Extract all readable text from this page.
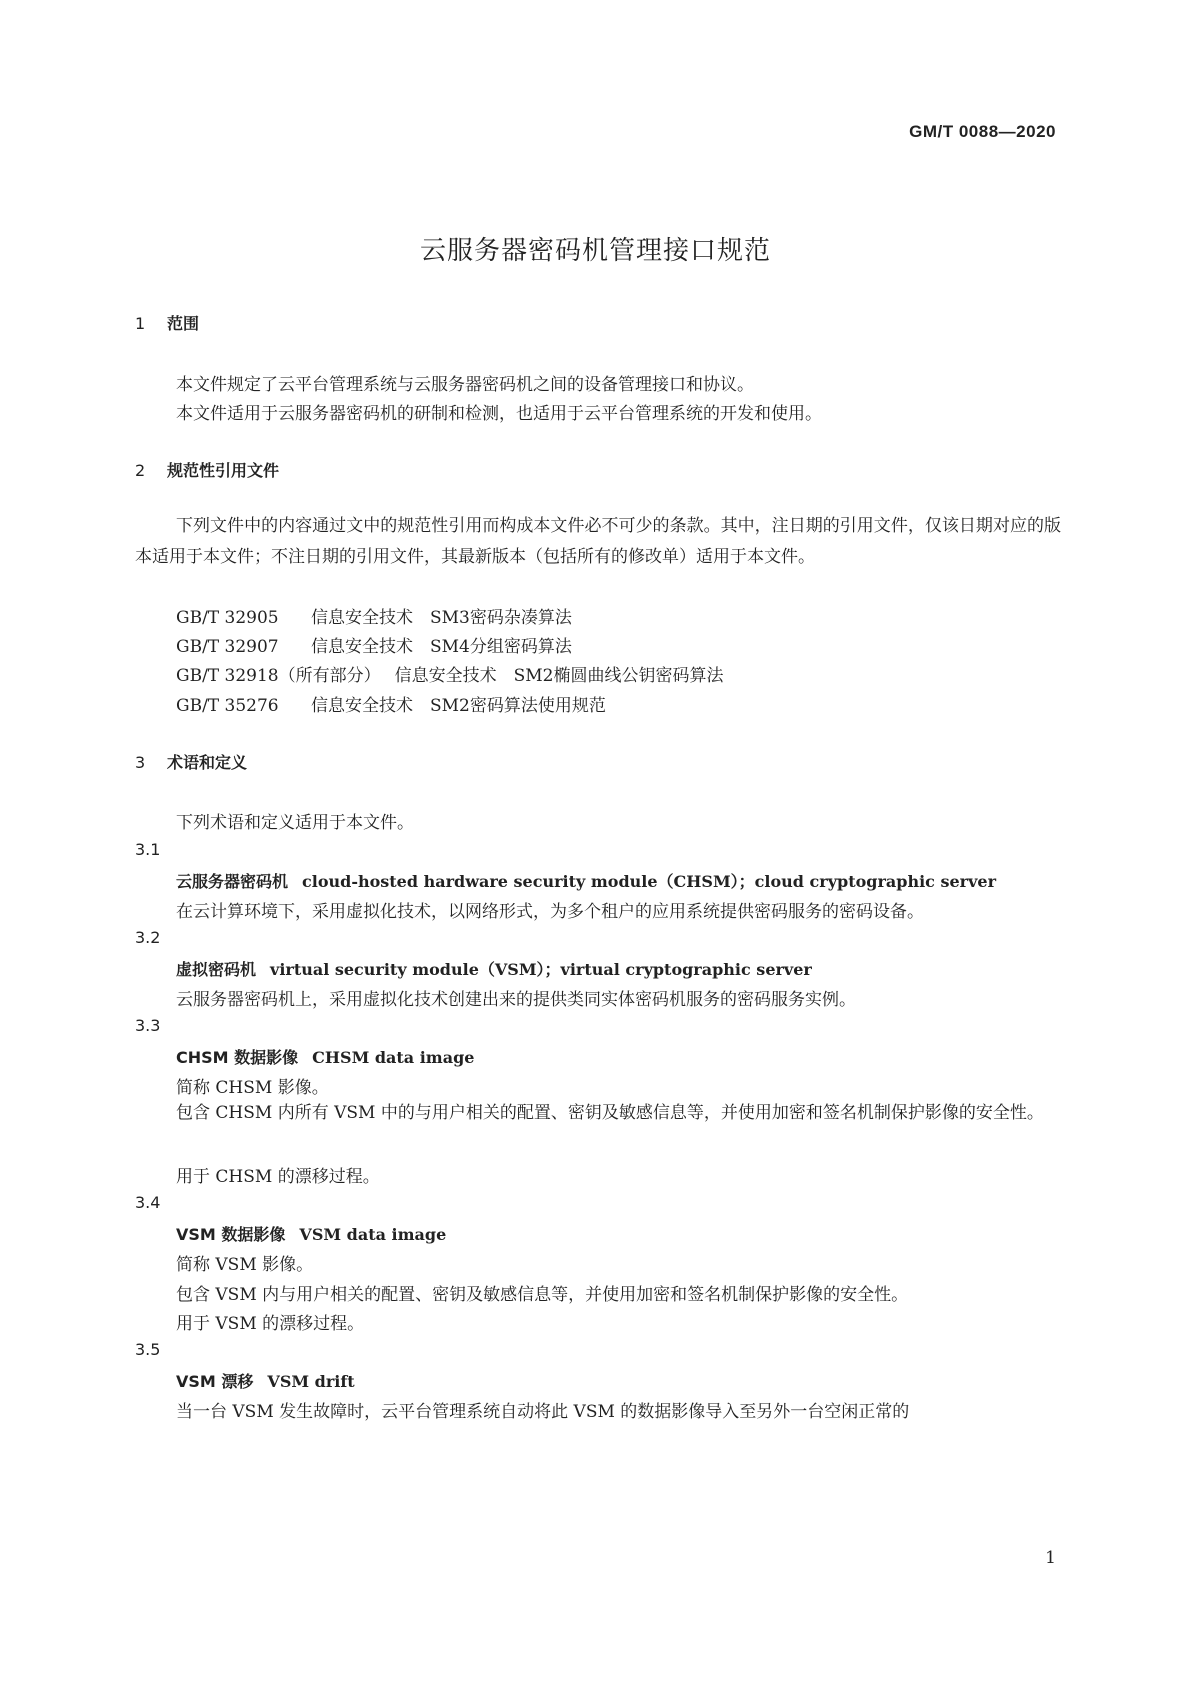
GM/T 0088—2020
云服务器密码机管理接口规范
1 范围
本文件规定了云平台管理系统与云服务器密码机之间的设备管理接口和协议。
本文件适用于云服务器密码机的研制和检测，也适用于云平台管理系统的开发和使用。
2 规范性引用文件
下列文件中的内容通过文中的规范性引用而构成本文件必不可少的条款。其中，注日期的引用文件，仅该日期对应的版本适用于本文件；不注日期的引用文件，其最新版本（包括所有的修改单）适用于本文件。
GB/T 32905 信息安全技术　SM3密码杂凑算法
GB/T 32907 信息安全技术　SM4分组密码算法
GB/T 32918（所有部分） 信息安全技术　SM2椭圆曲线公钥密码算法
GB/T 35276 信息安全技术　SM2密码算法使用规范
3 术语和定义
下列术语和定义适用于本文件。
3.1
云服务器密码机 cloud-hosted hardware security module（CHSM）；cloud cryptographic server
在云计算环境下，采用虚拟化技术，以网络形式，为多个租户的应用系统提供密码服务的密码设备。
3.2
虚拟密码机 virtual security module（VSM）；virtual cryptographic server
云服务器密码机上，采用虚拟化技术创建出来的提供类同实体密码机服务的密码服务实例。
3.3
CHSM 数据影像 CHSM data image
简称 CHSM 影像。
包含 CHSM 内所有 VSM 中的与用户相关的配置、密钥及敏感信息等，并使用加密和签名机制保护影像的安全性。
用于 CHSM 的漂移过程。
3.4
VSM 数据影像 VSM data image
简称 VSM 影像。
包含 VSM 内与用户相关的配置、密钥及敏感信息等，并使用加密和签名机制保护影像的安全性。
用于 VSM 的漂移过程。
3.5
VSM 漂移 VSM drift
当一台 VSM 发生故障时，云平台管理系统自动将此 VSM 的数据影像导入至另外一台空闲正常的
1
